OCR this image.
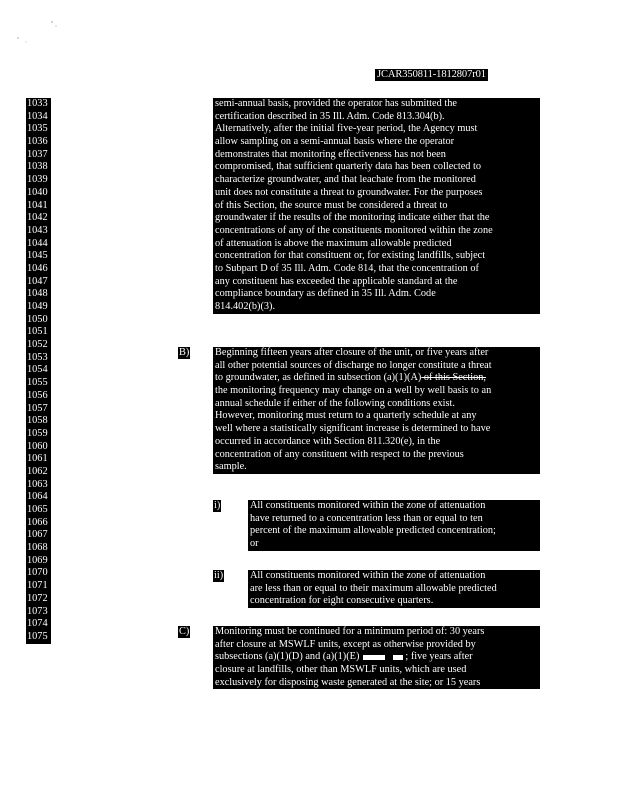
JCAR350811-1812807r01
1033
1034
1035
1036
1037
1038
1039
1040
1041
1042
1043
1044
1045
1046
1047
1048
1049
1050
1051
1052
1053
1054
1055
1056
1057
1058
1059
1060
1061
1062
1063
1064
1065
1066
1067
1068
1069
1070
1071
1072
1073
1074
1075
semi-annual basis, provided the operator has submitted the
certification described in 35 Ill. Adm. Code 813.304(b).
Alternatively, after the initial five-year period, the Agency must
allow sampling on a semi-annual basis where the operator
demonstrates that monitoring effectiveness has not been
compromised, that sufficient quarterly data has been collected to
characterize groundwater, and that leachate from the monitored
unit does not constitute a threat to groundwater. For the purposes
of this Section, the source must be considered a threat to
groundwater if the results of the monitoring indicate either that the
concentrations of any of the constituents monitored within the zone
of attenuation is above the maximum allowable predicted
concentration for that constituent or, for existing landfills, subject
to Subpart D of 35 Ill. Adm. Code 814, that the concentration of
any constituent has exceeded the applicable standard at the
compliance boundary as defined in 35 Ill. Adm. Code
814.402(b)(3).
B) Beginning fifteen years after closure of the unit, or five years after
all other potential sources of discharge no longer constitute a threat
to groundwater, as defined in subsection (a)(1)(A) of this Section,
the monitoring frequency may change on a well by well basis to an
annual schedule if either of the following conditions exist.
However, monitoring must return to a quarterly schedule at any
well where a statistically significant increase is determined to have
occurred in accordance with Section 811.320(e), in the
concentration of any constituent with respect to the previous
sample.
i)	All constituents monitored within the zone of attenuation
have returned to a concentration less than or equal to ten
percent of the maximum allowable predicted concentration;
or
ii)	All constituents monitored within the zone of attenuation
are less than or equal to their maximum allowable predicted
concentration for eight consecutive quarters.
C) Monitoring must be continued for a minimum period of: 30 years
after closure at MSWLF units, except as otherwise provided by
subsections (a)(1)(D) and (a)(1)(E)	; five years after
closure at landfills, other than MSWLF units, which are used
exclusively for disposing waste generated at the site; or 15 years
